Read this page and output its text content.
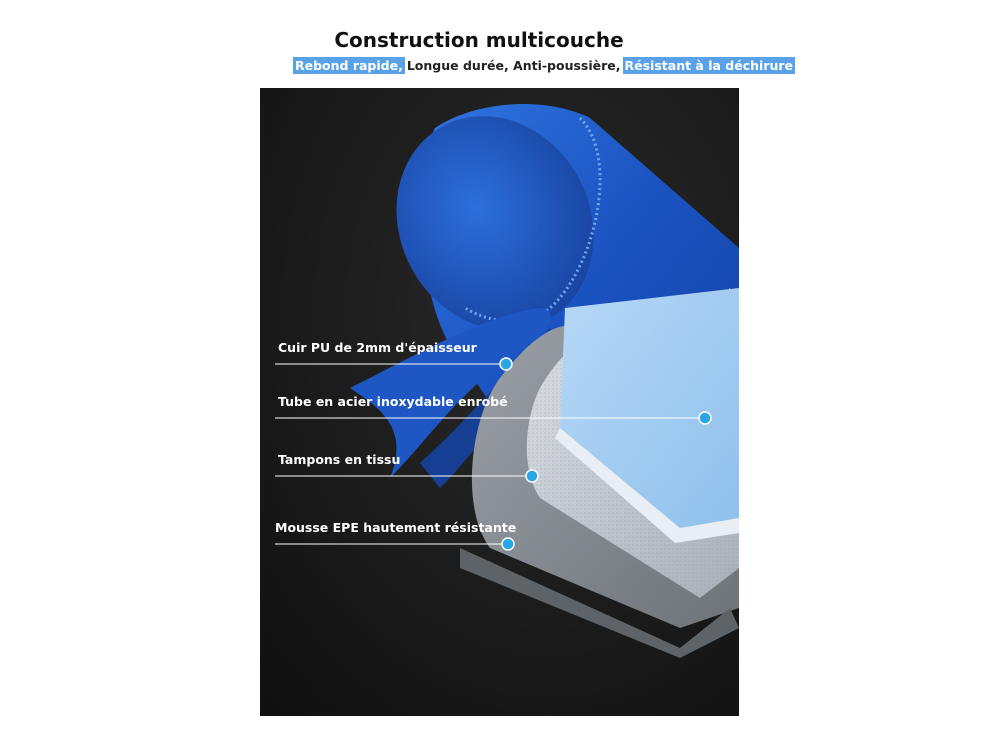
Construction multicouche
Rebond rapide, Longue durée, Anti-poussière, Résistant à la déchirure
Cuir PU de 2mm d'épaisseur
Tube en acier inoxydable enrobé
Tampons en tissu
Mousse EPE hautement résistante
